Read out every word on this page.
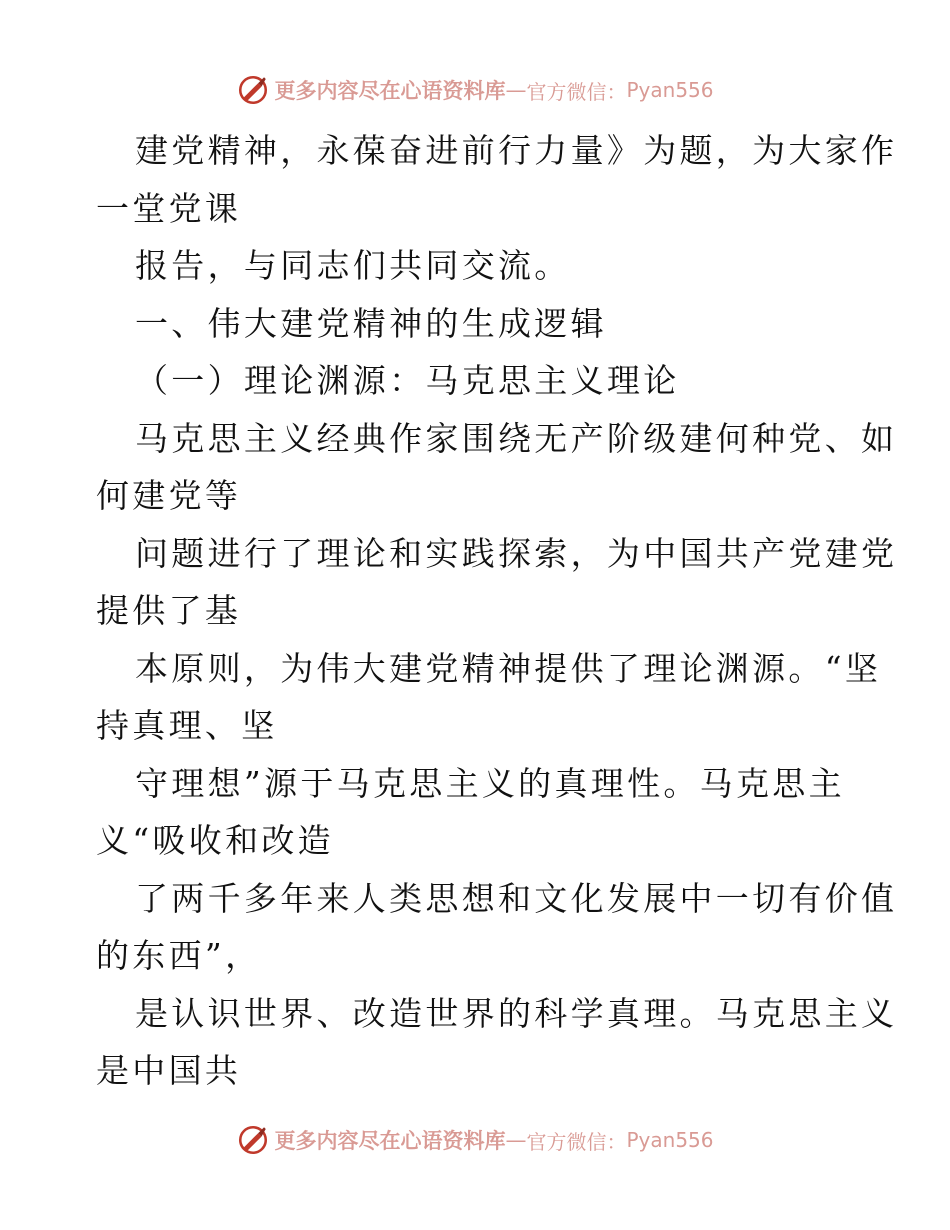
更多内容尽在心语资料库 — 官方微信： Pyan556
建党精神，永葆奋进前行力量》为题，为大家作
一堂党课
报告，与同志们共同交流。
一、伟大建党精神的生成逻辑
（一）理论渊源：马克思主义理论
马克思主义经典作家围绕无产阶级建何种党、如
何建党等
问题进行了理论和实践探索，为中国共产党建党
提供了基
本原则，为伟大建党精神提供了理论渊源。“坚
持真理、坚
守理想”源于马克思主义的真理性。马克思主
义“吸收和改造
了两千多年来人类思想和文化发展中一切有价值
的东西”，
是认识世界、改造世界的科学真理。马克思主义
是中国共
更多内容尽在心语资料库 — 官方微信： Pyan556
